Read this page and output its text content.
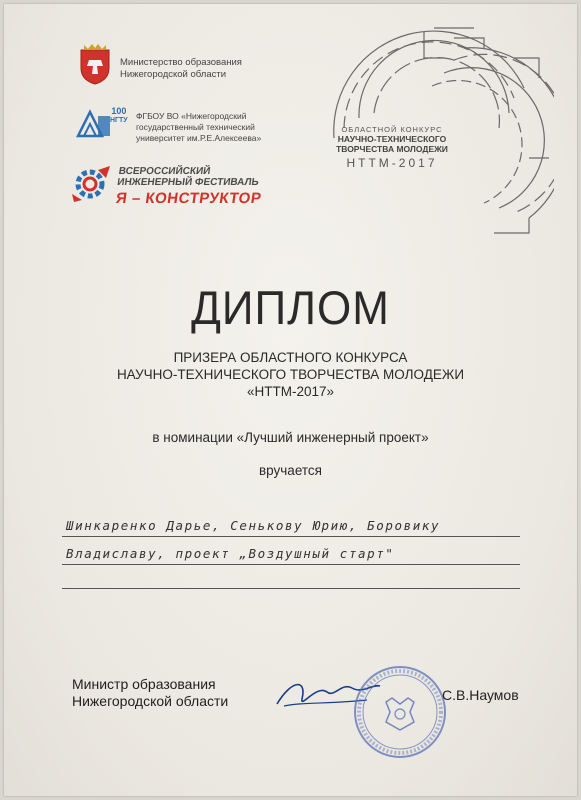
Министерство образования
Нижегородской области
100
НГТУ ФГБОУ ВО «Нижегородский
государственный технический
университет им.Р.Е.Алексеева»
ВСЕРОССИЙСКИЙ
ИНЖЕНЕРНЫЙ ФЕСТИВАЛЬ
Я – КОНСТРУКТОР
ОБЛАСТНОЙ КОНКУРС
НАУЧНО-ТЕХНИЧЕСКОГО
ТВОРЧЕСТВА МОЛОДЕЖИ
НТТМ-2017
ДИПЛОМ
ПРИЗЕРА ОБЛАСТНОГО КОНКУРСА
НАУЧНО-ТЕХНИЧЕСКОГО ТВОРЧЕСТВА МОЛОДЕЖИ
«НТТМ-2017»
в номинации «Лучший инженерный проект»
вручается
Шинкаренко Дарье, Сенькову Юрию, Боровику
Владиславу, проект „Воздушный старт"
Министр образования
Нижегородской области	С.В.Наумов
